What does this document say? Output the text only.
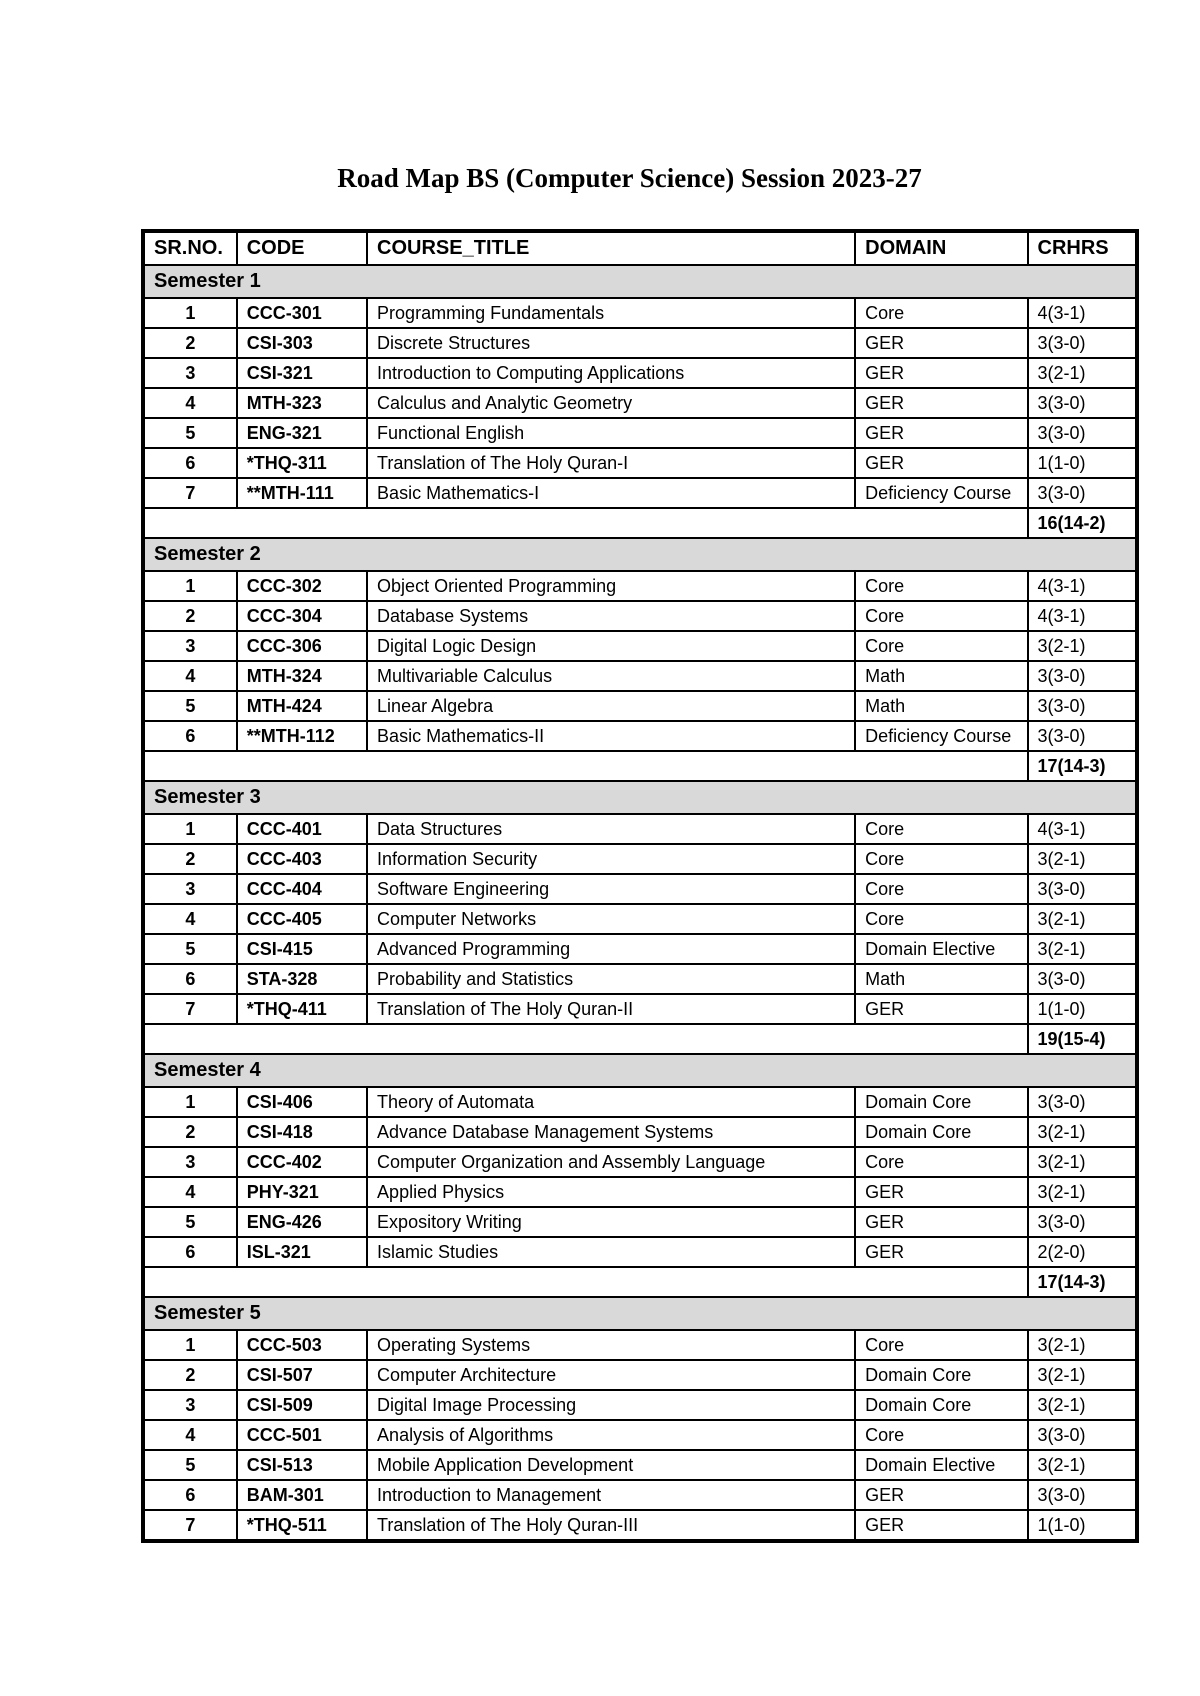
Road Map BS (Computer Science) Session 2023-27
SR.NO.	CODE	COURSE_TITLE	DOMAIN	CRHRS
Semester 1				
1	CCC-301	Programming Fundamentals	Core	4(3-1)
2	CSI-303	Discrete Structures	GER	3(3-0)
3	CSI-321	Introduction to Computing Applications	GER	3(2-1)
4	MTH-323	Calculus and Analytic Geometry	GER	3(3-0)
5	ENG-321	Functional English	GER	3(3-0)
6	*THQ-311	Translation of The Holy Quran-I	GER	1(1-0)
7	**MTH-111	Basic Mathematics-I	Deficiency Course	3(3-0)
				16(14-2)
Semester 2				
1	CCC-302	Object Oriented Programming	Core	4(3-1)
2	CCC-304	Database Systems	Core	4(3-1)
3	CCC-306	Digital Logic Design	Core	3(2-1)
4	MTH-324	Multivariable Calculus	Math	3(3-0)
5	MTH-424	Linear Algebra	Math	3(3-0)
6	**MTH-112	Basic Mathematics-II	Deficiency Course	3(3-0)
				17(14-3)
Semester 3				
1	CCC-401	Data Structures	Core	4(3-1)
2	CCC-403	Information Security	Core	3(2-1)
3	CCC-404	Software Engineering	Core	3(3-0)
4	CCC-405	Computer Networks	Core	3(2-1)
5	CSI-415	Advanced Programming	Domain Elective	3(2-1)
6	STA-328	Probability and Statistics	Math	3(3-0)
7	*THQ-411	Translation of The Holy Quran-II	GER	1(1-0)
				19(15-4)
Semester 4				
1	CSI-406	Theory of Automata	Domain Core	3(3-0)
2	CSI-418	Advance Database Management Systems	Domain Core	3(2-1)
3	CCC-402	Computer Organization and Assembly Language	Core	3(2-1)
4	PHY-321	Applied Physics	GER	3(2-1)
5	ENG-426	Expository Writing	GER	3(3-0)
6	ISL-321	Islamic Studies	GER	2(2-0)
				17(14-3)
Semester 5				
1	CCC-503	Operating Systems	Core	3(2-1)
2	CSI-507	Computer Architecture	Domain Core	3(2-1)
3	CSI-509	Digital Image Processing	Domain Core	3(2-1)
4	CCC-501	Analysis of Algorithms	Core	3(3-0)
5	CSI-513	Mobile Application Development	Domain Elective	3(2-1)
6	BAM-301	Introduction to Management	GER	3(3-0)
7	*THQ-511	Translation of The Holy Quran-III	GER	1(1-0)
